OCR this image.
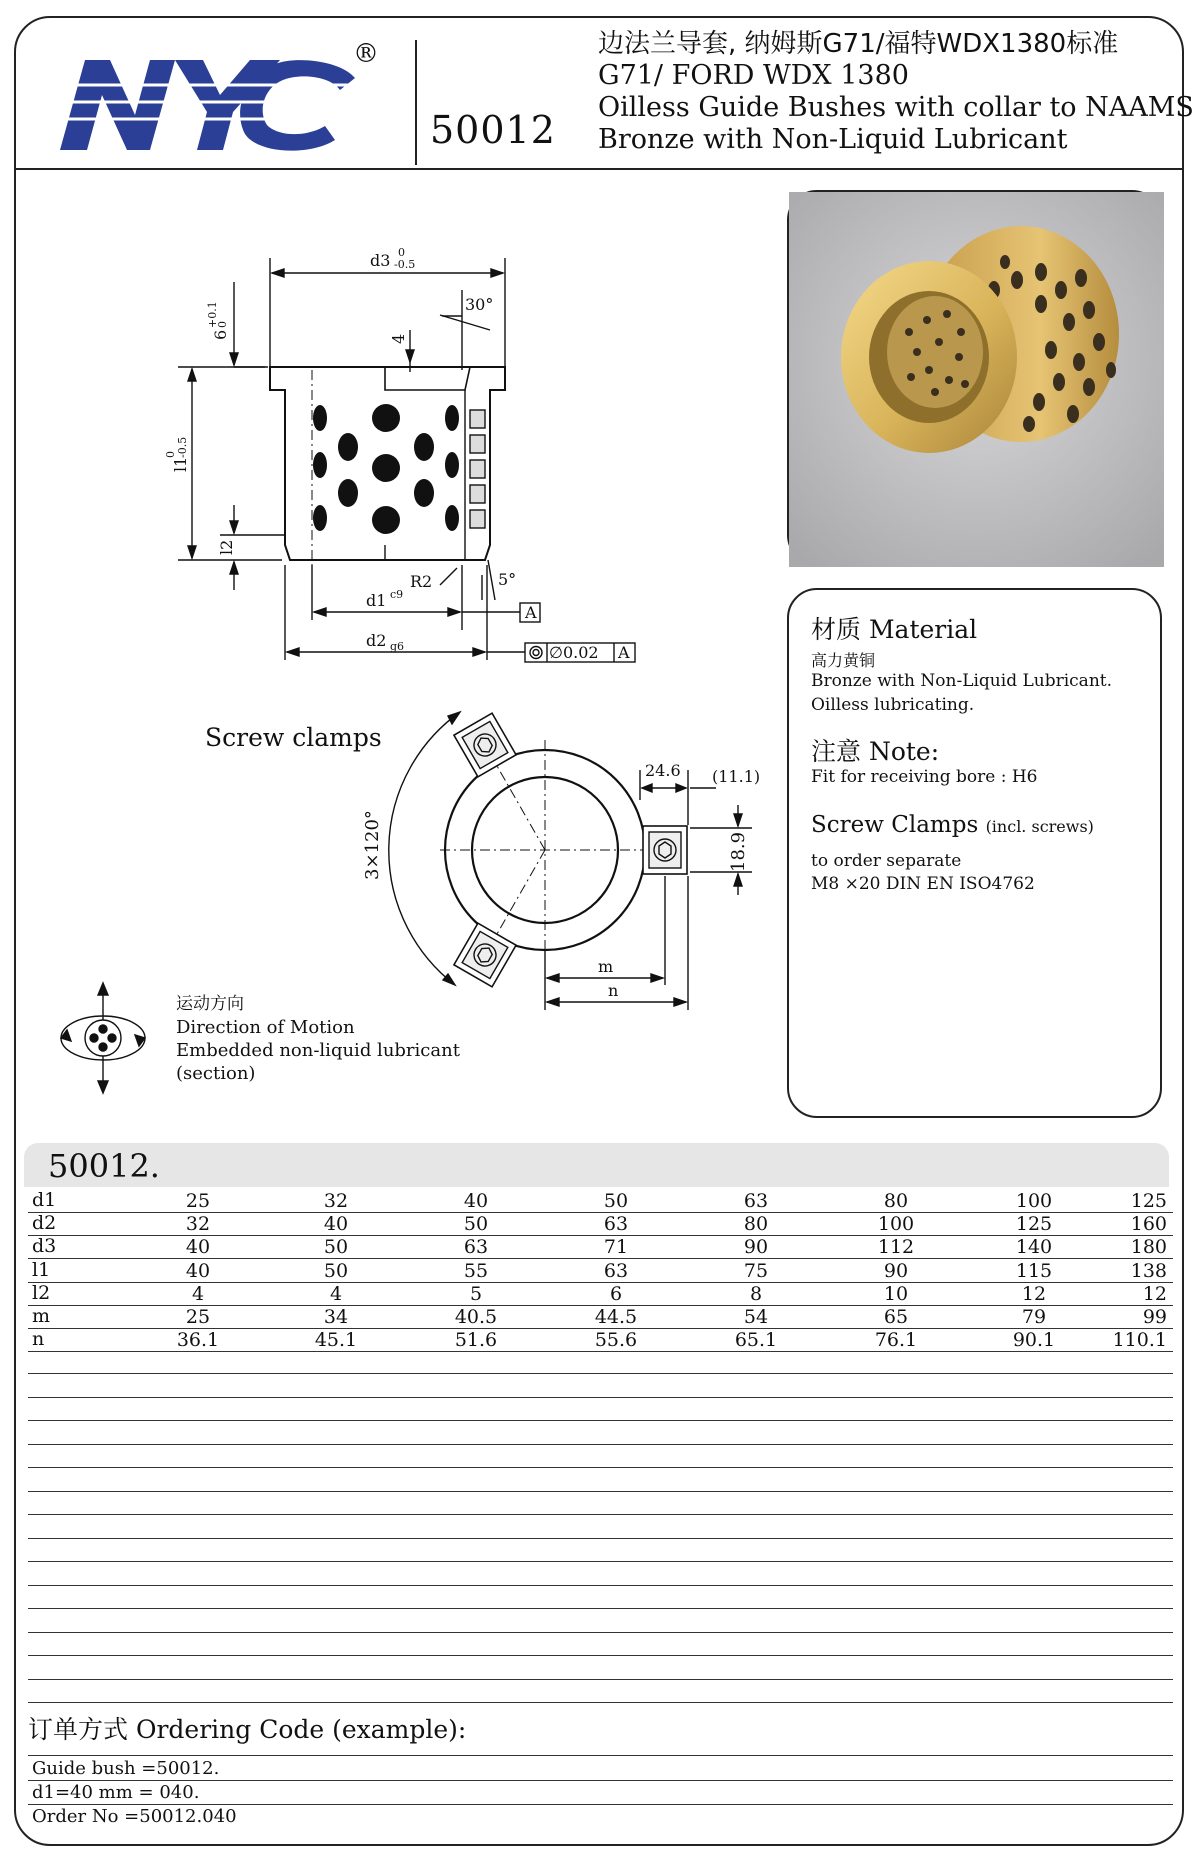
®
50012
边法兰导套, 纳姆斯G71/福特WDX1380标准
G71/ FORD WDX 1380
Oilless Guide Bushes with collar to NAAMS
Bronze with Non-Liquid Lubricant
d3 0
-0.5
30°
6
+0.1
0
4
l1
0 -0.5
l2
R2	5°
d1 c9
A
d2 g6	∅0.02 A
Screw clamps
3×120°
24.6 (11.1)
18.9
m
n
运动方向
Direction of Motion
Embedded non-liquid lubricant
(section)
材质 Material
高力黄铜
Bronze with Non-Liquid Lubricant.
Oilless lubricating.
注意 Note:
Fit for receiving bore : H6
Screw Clamps (incl. screws)
to order separate
M8 ×20 DIN EN ISO4762
50012.
d1	25	32	40	50	63	80	100	125
d2	32	40	50	63	80	100	125	160
d3	40	50	63	71	90	112	140	180
l1	40	50	55	63	75	90	115	138
l2	4	4	5	6	8	10	12	12
m	25	34	40.5	44.5	54	65	79	99
n	36.1	45.1	51.6	55.6	65.1	76.1	90.1	110.1
订单方式 Ordering Code (example):
Guide bush =50012.
d1=40 mm = 040.
Order No =50012.040
